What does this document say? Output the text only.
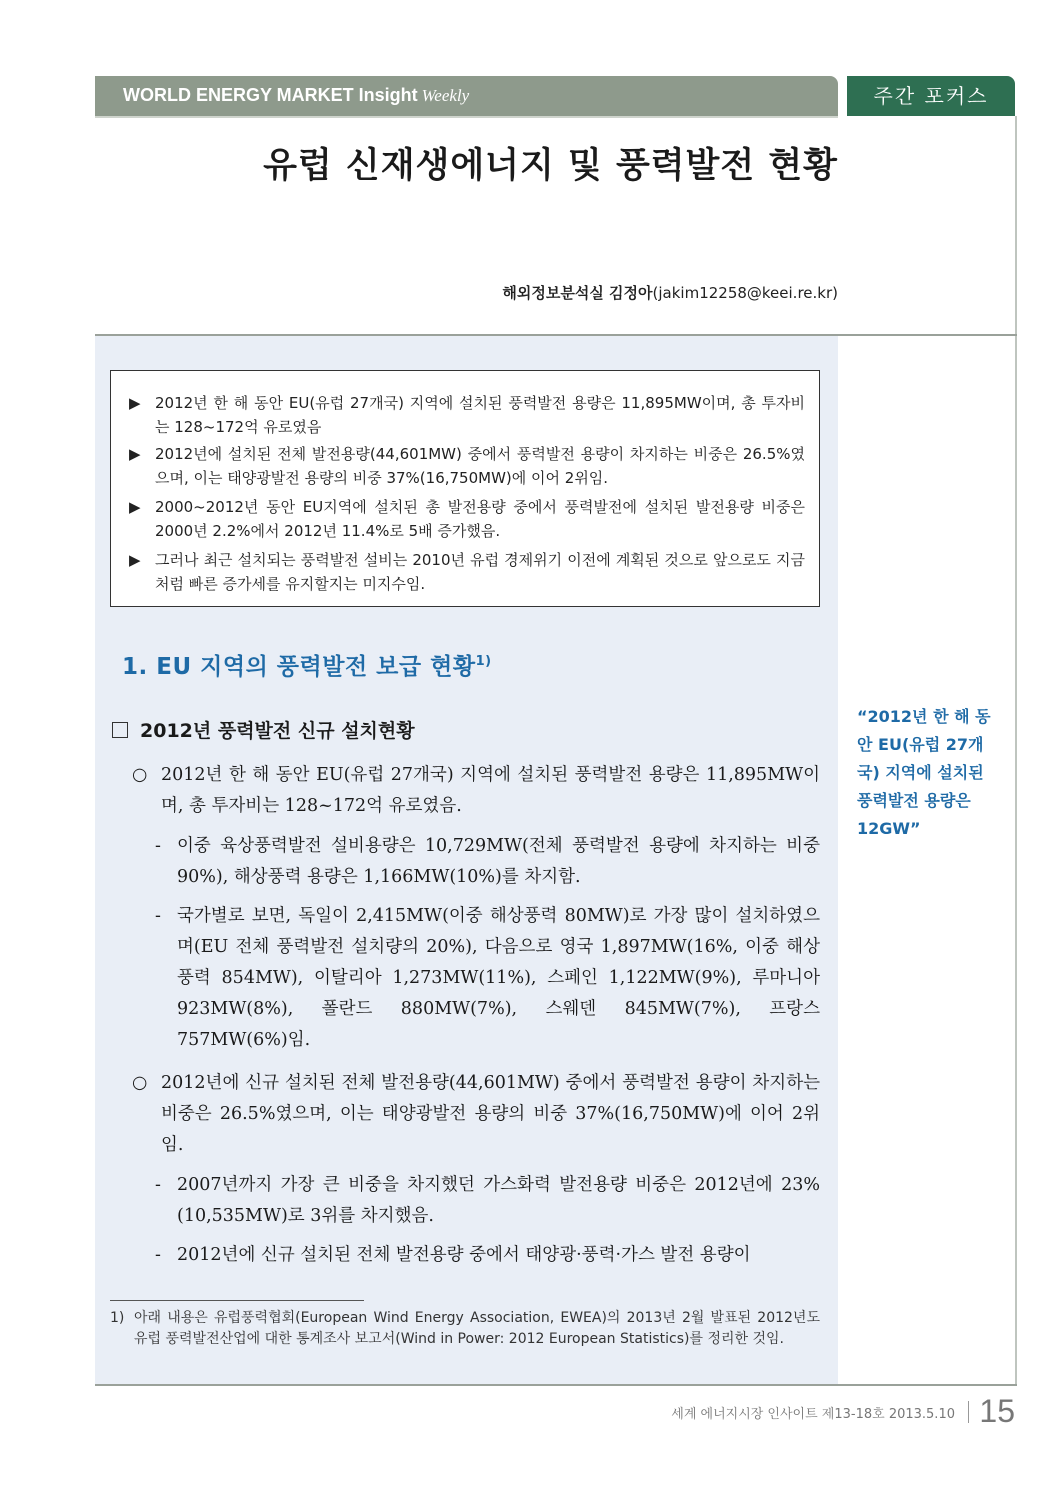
WORLD ENERGY MARKET Insight Weekly	주간 포커스
유럽 신재생에너지 및 풍력발전 현황
해외정보분석실 김정아(jakim12258@keei.re.kr)
▶ 2012년 한 해 동안 EU(유럽 27개국) 지역에 설치된 풍력발전 용량은 11,895MW이며, 총 투자비는 128~172억 유로였음
▶ 2012년에 설치된 전체 발전용량(44,601MW) 중에서 풍력발전 용량이 차지하는 비중은 26.5%였으며, 이는 태양광발전 용량의 비중 37%(16,750MW)에 이어 2위임.
▶ 2000~2012년 동안 EU지역에 설치된 총 발전용량 중에서 풍력발전에 설치된 발전용량 비중은 2000년 2.2%에서 2012년 11.4%로 5배 증가했음.
▶ 그러나 최근 설치되는 풍력발전 설비는 2010년 유럽 경제위기 이전에 계획된 것으로 앞으로도 지금처럼 빠른 증가세를 유지할지는 미지수임.
1. EU 지역의 풍력발전 보급 현황$^{1)}$
2012년 풍력발전 신규 설치현황
○ 2012년 한 해 동안 EU(유럽 27개국) 지역에 설치된 풍력발전 용량은 11,895MW이며, 총 투자비는 128~172억 유로였음.
- 이중 육상풍력발전 설비용량은 10,729MW(전체 풍력발전 용량에 차지하는 비중 90%), 해상풍력 용량은 1,166MW(10%)를 차지함.
- 국가별로 보면, 독일이 2,415MW(이중 해상풍력 80MW)로 가장 많이 설치하였으며(EU 전체 풍력발전 설치량의 20%), 다음으로 영국 1,897MW(16%, 이중 해상풍력 854MW), 이탈리아 1,273MW(11%), 스페인 1,122MW(9%), 루마니아 923MW(8%), 폴란드 880MW(7%), 스웨덴 845MW(7%), 프랑스 757MW(6%)임.
○ 2012년에 신규 설치된 전체 발전용량(44,601MW) 중에서 풍력발전 용량이 차지하는 비중은 26.5%였으며, 이는 태양광발전 용량의 비중 37%(16,750MW)에 이어 2위임.
- 2007년까지 가장 큰 비중을 차지했던 가스화력 발전용량 비중은 2012년에 23%(10,535MW)로 3위를 차지했음.
- 2012년에 신규 설치된 전체 발전용량 중에서 태양광·풍력·가스 발전 용량이
1) 아래 내용은 유럽풍력협회(European Wind Energy Association, EWEA)의 2013년 2월 발표된 2012년도 유럽 풍력발전산업에 대한 통계조사 보고서(Wind in Power: 2012 European Statistics)를 정리한 것임.
“2012년 한 해 동안 EU(유럽 27개국) 지역에 설치된 풍력발전 용량은 12GW”
세계 에너지시장 인사이트 제13-18호 2013.5.10 15
